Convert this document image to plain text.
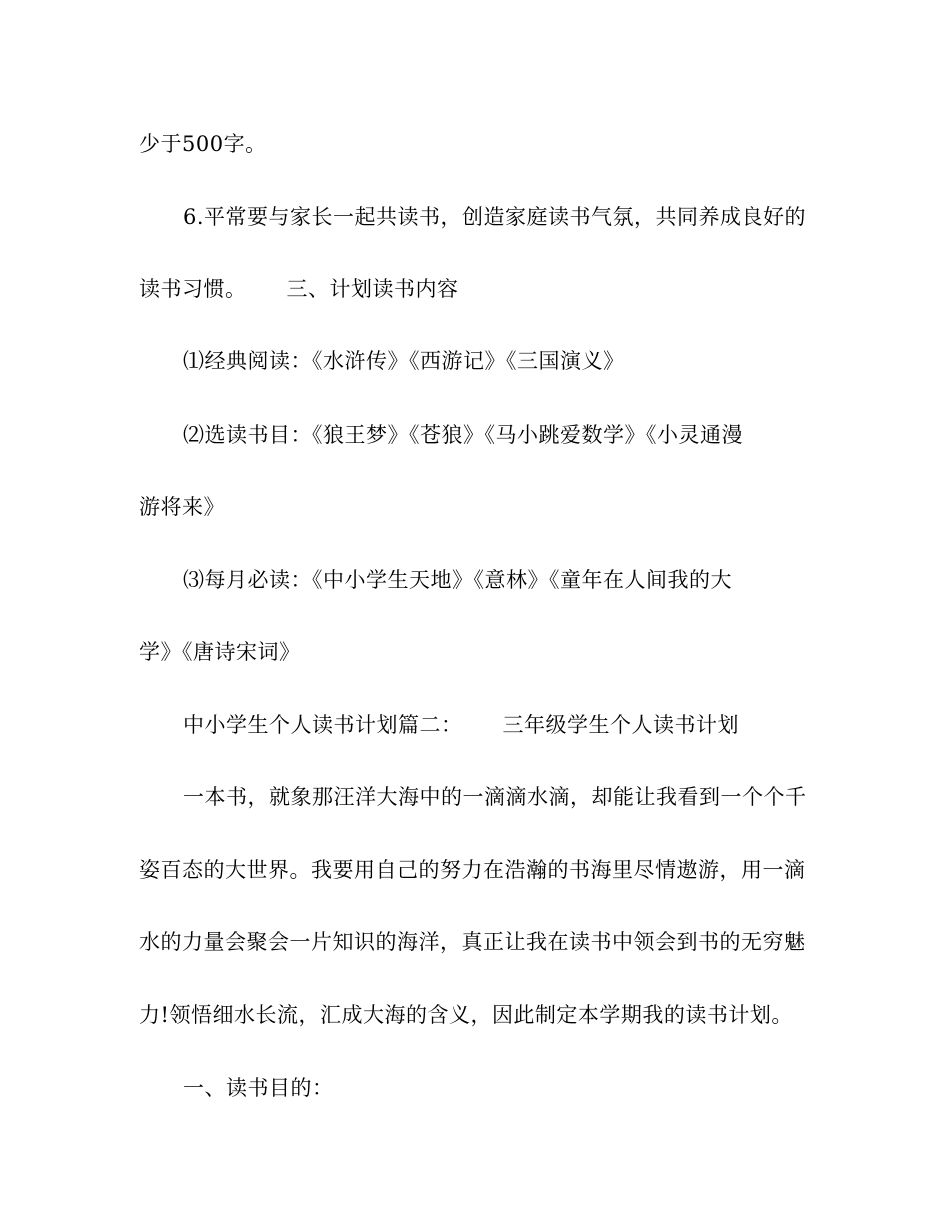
少于500字。
6.平常要与家长一起共读书，创造家庭读书气氛，共同养成良好的
读书习惯。 三、计划读书内容
⑴经典阅读：《水浒传》《西游记》《三国演义》
⑵选读书目：《狼王梦》《苍狼》《马小跳爱数学》《小灵通漫
游将来》
⑶每月必读：《中小学生天地》《意林》《童年在人间我的大
学》《唐诗宋词》
中小学生个人读书计划篇二： 三年级学生个人读书计划
一本书，就象那汪洋大海中的一滴滴水滴，却能让我看到一个个千
姿百态的大世界。我要用自己的努力在浩瀚的书海里尽情遨游，用一滴
水的力量会聚会一片知识的海洋，真正让我在读书中领会到书的无穷魅
力!领悟细水长流，汇成大海的含义，因此制定本学期我的读书计划。
一、读书目的：
